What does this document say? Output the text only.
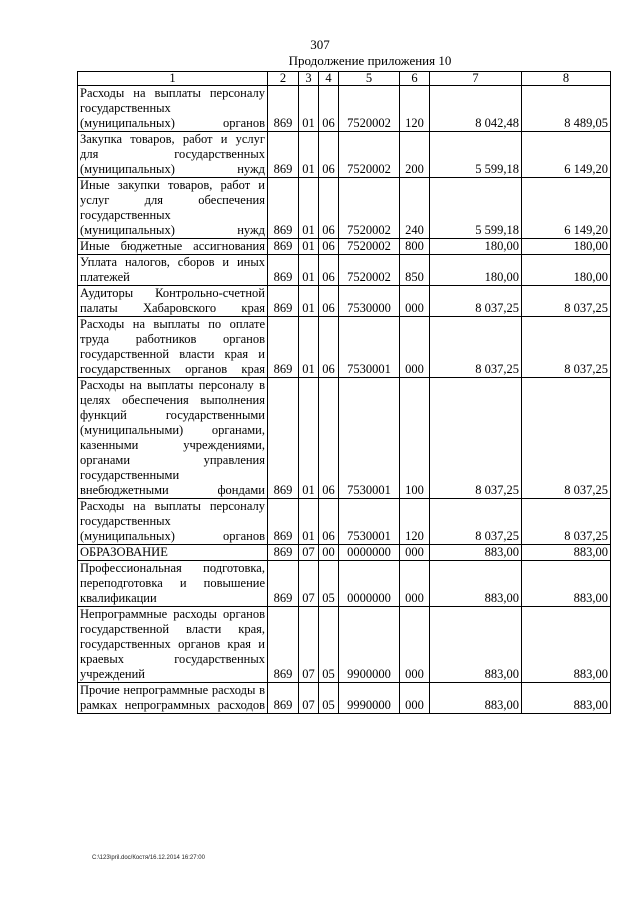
307
Продолжение приложения 10
1	2	3	4	5	6	7	8
Расходы на выплаты персоналу государственных (муниципальных) органов	869	01	06	7520002	120	8 042,48	8 489,05
Закупка товаров, работ и услуг для государственных (муниципальных) нужд	869	01	06	7520002	200	5 599,18	6 149,20
Иные закупки товаров, работ и услуг для обеспечения государственных (муниципальных) нужд	869	01	06	7520002	240	5 599,18	6 149,20
Иные бюджетные ассигнования	869	01	06	7520002	800	180,00	180,00
Уплата налогов, сборов и иных платежей	869	01	06	7520002	850	180,00	180,00
Аудиторы Контрольно-счетной палаты Хабаровского края	869	01	06	7530000	000	8 037,25	8 037,25
Расходы на выплаты по оплате труда работников органов государственной власти края и государственных органов края	869	01	06	7530001	000	8 037,25	8 037,25
Расходы на выплаты персоналу в целях обеспечения выполнения функций государственными (муниципальными) органами, казенными учреждениями, органами управления государственными внебюджетными фондами	869	01	06	7530001	100	8 037,25	8 037,25
Расходы на выплаты персоналу государственных (муниципальных) органов	869	01	06	7530001	120	8 037,25	8 037,25
ОБРАЗОВАНИЕ	869	07	00	0000000	000	883,00	883,00
Профессиональная подготовка, переподготовка и повышение квалификации	869	07	05	0000000	000	883,00	883,00
Непрограммные расходы органов государственной власти края, государственных органов края и краевых государственных учреждений	869	07	05	9900000	000	883,00	883,00
Прочие непрограммные расходы в рамках непрограммных расходов	869	07	05	9990000	000	883,00	883,00
C:\123\pril.doc/Костя/16.12.2014 16:27:00
